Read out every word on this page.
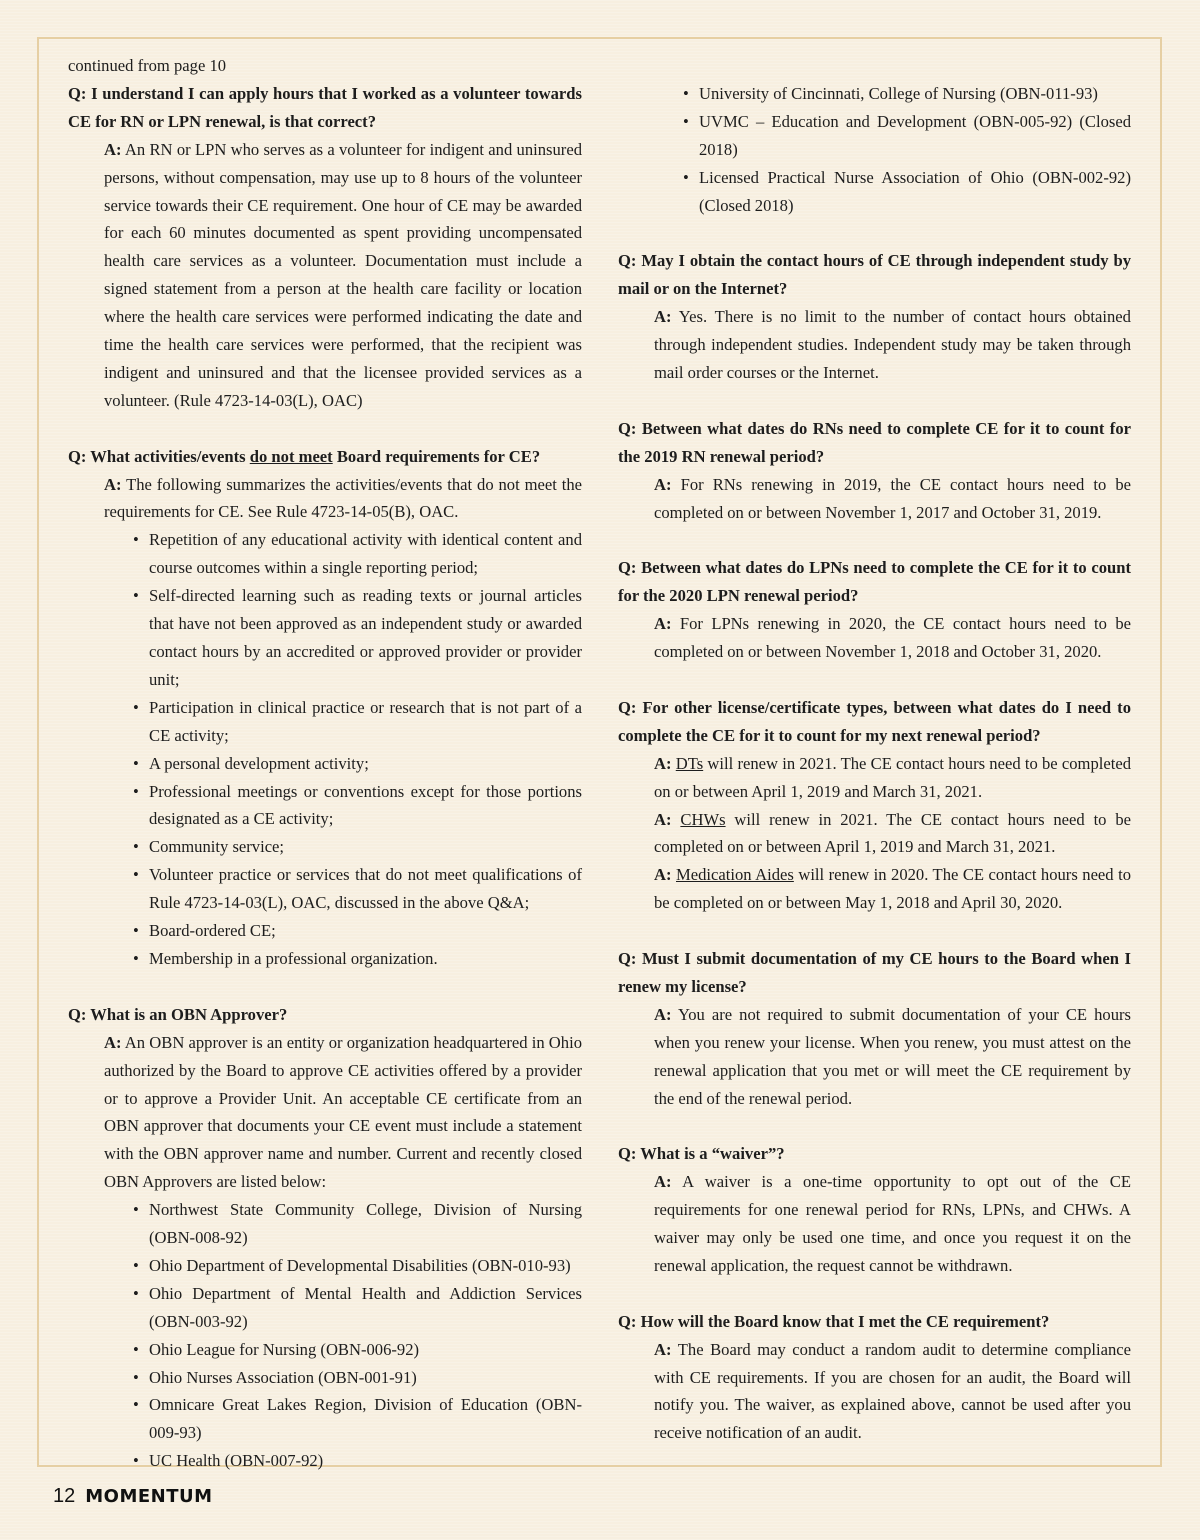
continued from page 10

Q: I understand I can apply hours that I worked as a volunteer towards CE for RN or LPN renewal, is that correct?

A: An RN or LPN who serves as a volunteer for indigent and uninsured persons, without compensation, may use up to 8 hours of the volunteer service towards their CE requirement. One hour of CE may be awarded for each 60 minutes documented as spent providing uncompensated health care services as a volunteer. Documentation must include a signed statement from a person at the health care facility or location where the health care services were performed indicating the date and time the health care services were performed, that the recipient was indigent and uninsured and that the licensee provided services as a volunteer. (Rule 4723-14-03(L), OAC)

Q: What activities/events do not meet Board requirements for CE?

A: The following summarizes the activities/events that do not meet the requirements for CE. See Rule 4723-14-05(B), OAC.

• Repetition of any educational activity with identical content and course outcomes within a single reporting period;
• Self-directed learning such as reading texts or journal articles that have not been approved as an independent study or awarded contact hours by an accredited or approved provider or provider unit;
• Participation in clinical practice or research that is not part of a CE activity;
• A personal development activity;
• Professional meetings or conventions except for those portions designated as a CE activity;
• Community service;
• Volunteer practice or services that do not meet qualifications of Rule 4723-14-03(L), OAC, discussed in the above Q&A;
• Board-ordered CE;
• Membership in a professional organization.

Q: What is an OBN Approver?

A: An OBN approver is an entity or organization headquartered in Ohio authorized by the Board to approve CE activities offered by a provider or to approve a Provider Unit. An acceptable CE certificate from an OBN approver that documents your CE event must include a statement with the OBN approver name and number. Current and recently closed OBN Approvers are listed below:

• Northwest State Community College, Division of Nursing (OBN-008-92)
• Ohio Department of Developmental Disabilities (OBN-010-93)
• Ohio Department of Mental Health and Addiction Services (OBN-003-92)
• Ohio League for Nursing (OBN-006-92)
• Ohio Nurses Association (OBN-001-91)
• Omnicare Great Lakes Region, Division of Education (OBN-009-93)
• UC Health (OBN-007-92)
• University of Cincinnati, College of Nursing (OBN-011-93)
• UVMC – Education and Development (OBN-005-92) (Closed 2018)
• Licensed Practical Nurse Association of Ohio (OBN-002-92) (Closed 2018)

Q: May I obtain the contact hours of CE through independent study by mail or on the Internet?

A: Yes. There is no limit to the number of contact hours obtained through independent studies. Independent study may be taken through mail order courses or the Internet.

Q: Between what dates do RNs need to complete CE for it to count for the 2019 RN renewal period?

A: For RNs renewing in 2019, the CE contact hours need to be completed on or between November 1, 2017 and October 31, 2019.

Q: Between what dates do LPNs need to complete the CE for it to count for the 2020 LPN renewal period?

A: For LPNs renewing in 2020, the CE contact hours need to be completed on or between November 1, 2018 and October 31, 2020.

Q: For other license/certificate types, between what dates do I need to complete the CE for it to count for my next renewal period?

A: DTs will renew in 2021. The CE contact hours need to be completed on or between April 1, 2019 and March 31, 2021.

A: CHWs will renew in 2021. The CE contact hours need to be completed on or between April 1, 2019 and March 31, 2021.

A: Medication Aides will renew in 2020. The CE contact hours need to be completed on or between May 1, 2018 and April 30, 2020.

Q: Must I submit documentation of my CE hours to the Board when I renew my license?

A: You are not required to submit documentation of your CE hours when you renew your license. When you renew, you must attest on the renewal application that you met or will meet the CE requirement by the end of the renewal period.

Q: What is a “waiver”?

A: A waiver is a one-time opportunity to opt out of the CE requirements for one renewal period for RNs, LPNs, and CHWs. A waiver may only be used one time, and once you request it on the renewal application, the request cannot be withdrawn.

Q: How will the Board know that I met the CE requirement?

A: The Board may conduct a random audit to determine compliance with CE requirements. If you are chosen for an audit, the Board will notify you. The waiver, as explained above, cannot be used after you receive notification of an audit.

12 MOMENTUM
